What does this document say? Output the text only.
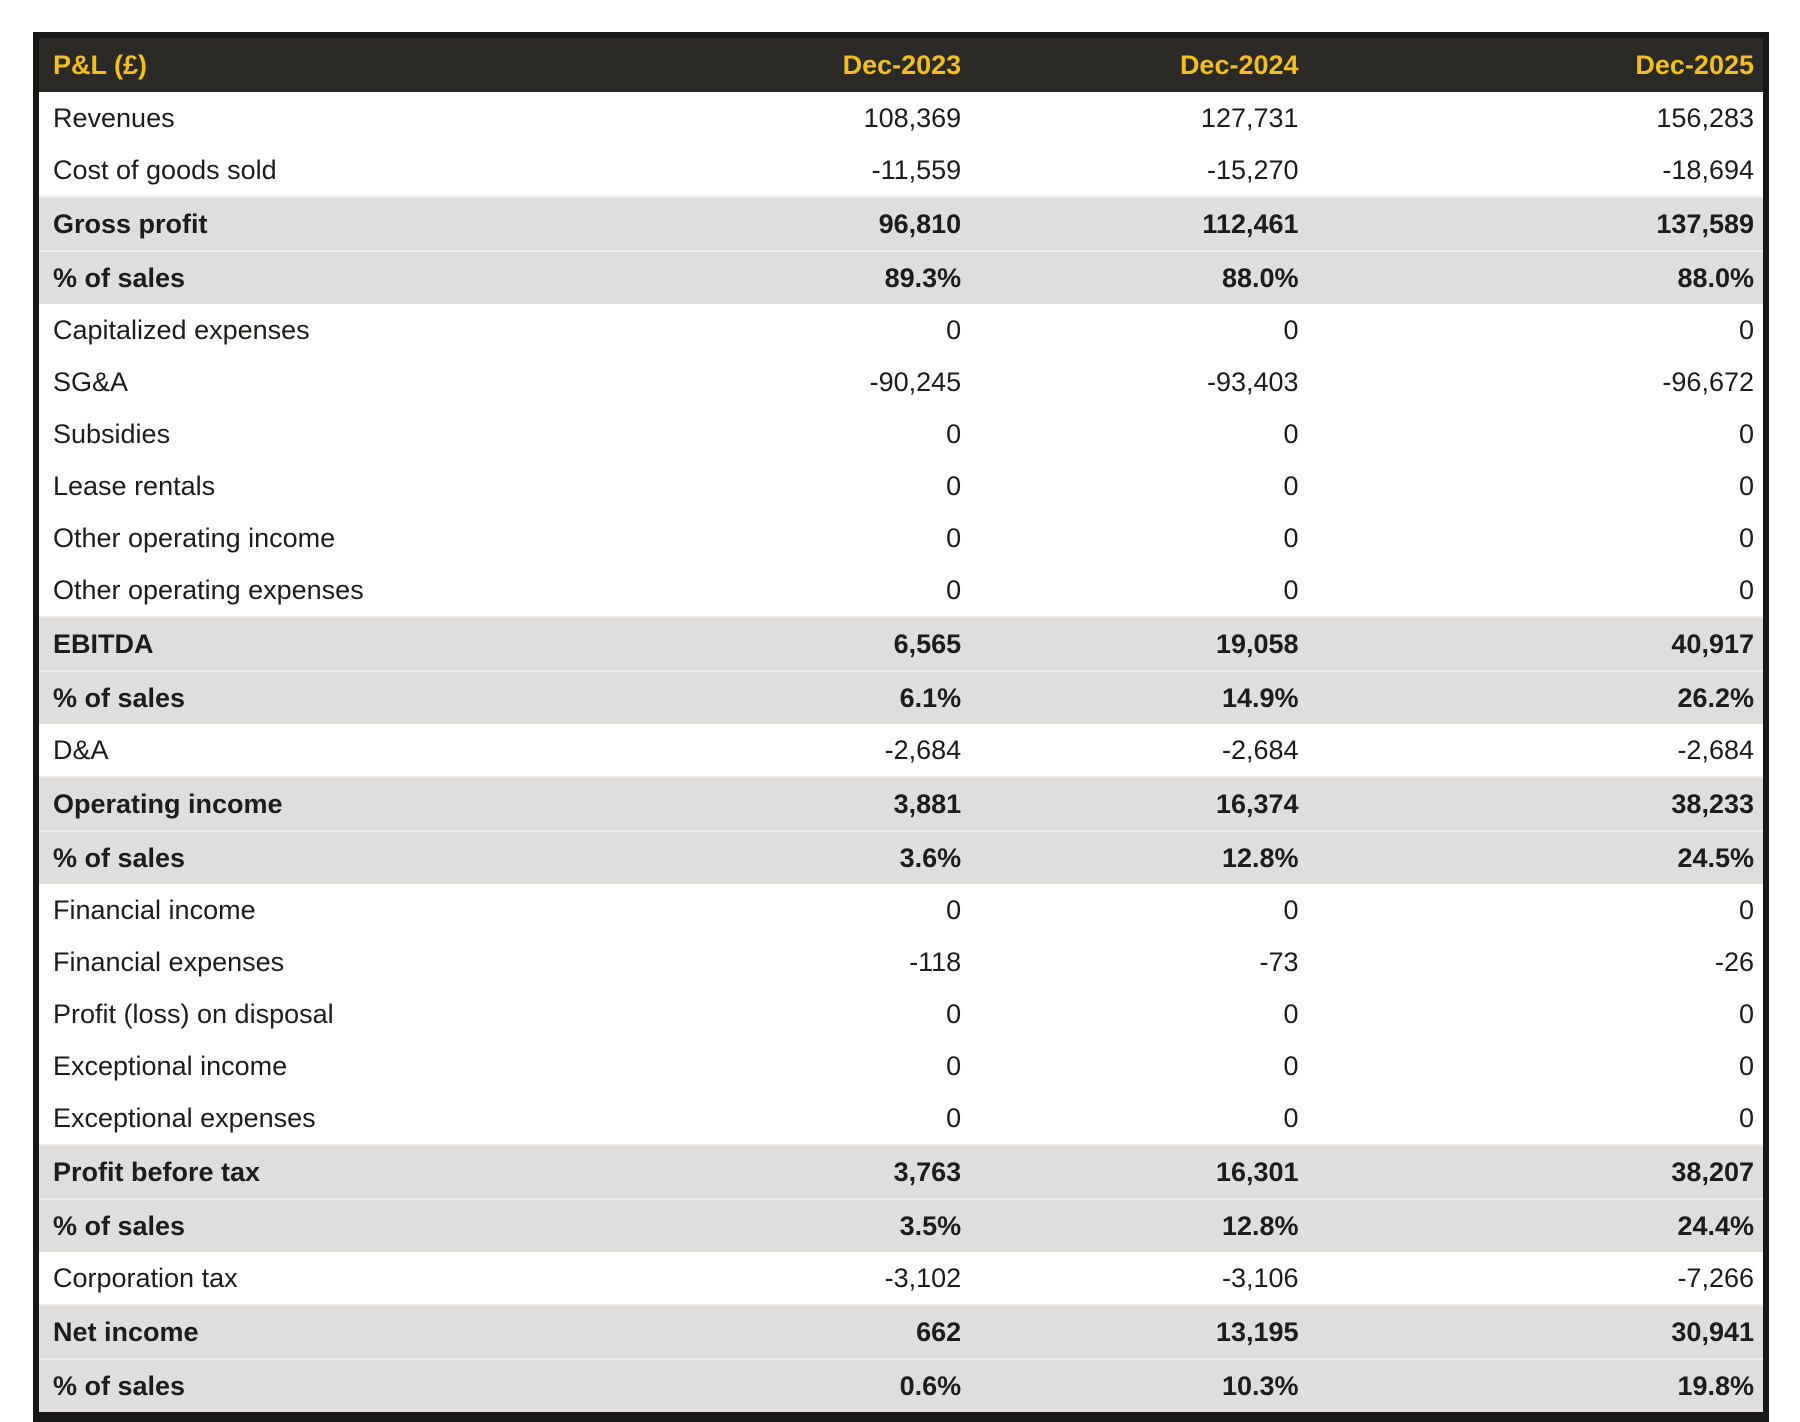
P&L (£)	Dec-2023	Dec-2024	Dec-2025
Revenues	108,369	127,731	156,283
Cost of goods sold	-11,559	-15,270	-18,694
Gross profit	96,810	112,461	137,589
% of sales	89.3%	88.0%	88.0%
Capitalized expenses	0	0	0
SG&A	-90,245	-93,403	-96,672
Subsidies	0	0	0
Lease rentals	0	0	0
Other operating income	0	0	0
Other operating expenses	0	0	0
EBITDA	6,565	19,058	40,917
% of sales	6.1%	14.9%	26.2%
D&A	-2,684	-2,684	-2,684
Operating income	3,881	16,374	38,233
% of sales	3.6%	12.8%	24.5%
Financial income	0	0	0
Financial expenses	-118	-73	-26
Profit (loss) on disposal	0	0	0
Exceptional income	0	0	0
Exceptional expenses	0	0	0
Profit before tax	3,763	16,301	38,207
% of sales	3.5%	12.8%	24.4%
Corporation tax	-3,102	-3,106	-7,266
Net income	662	13,195	30,941
% of sales	0.6%	10.3%	19.8%
